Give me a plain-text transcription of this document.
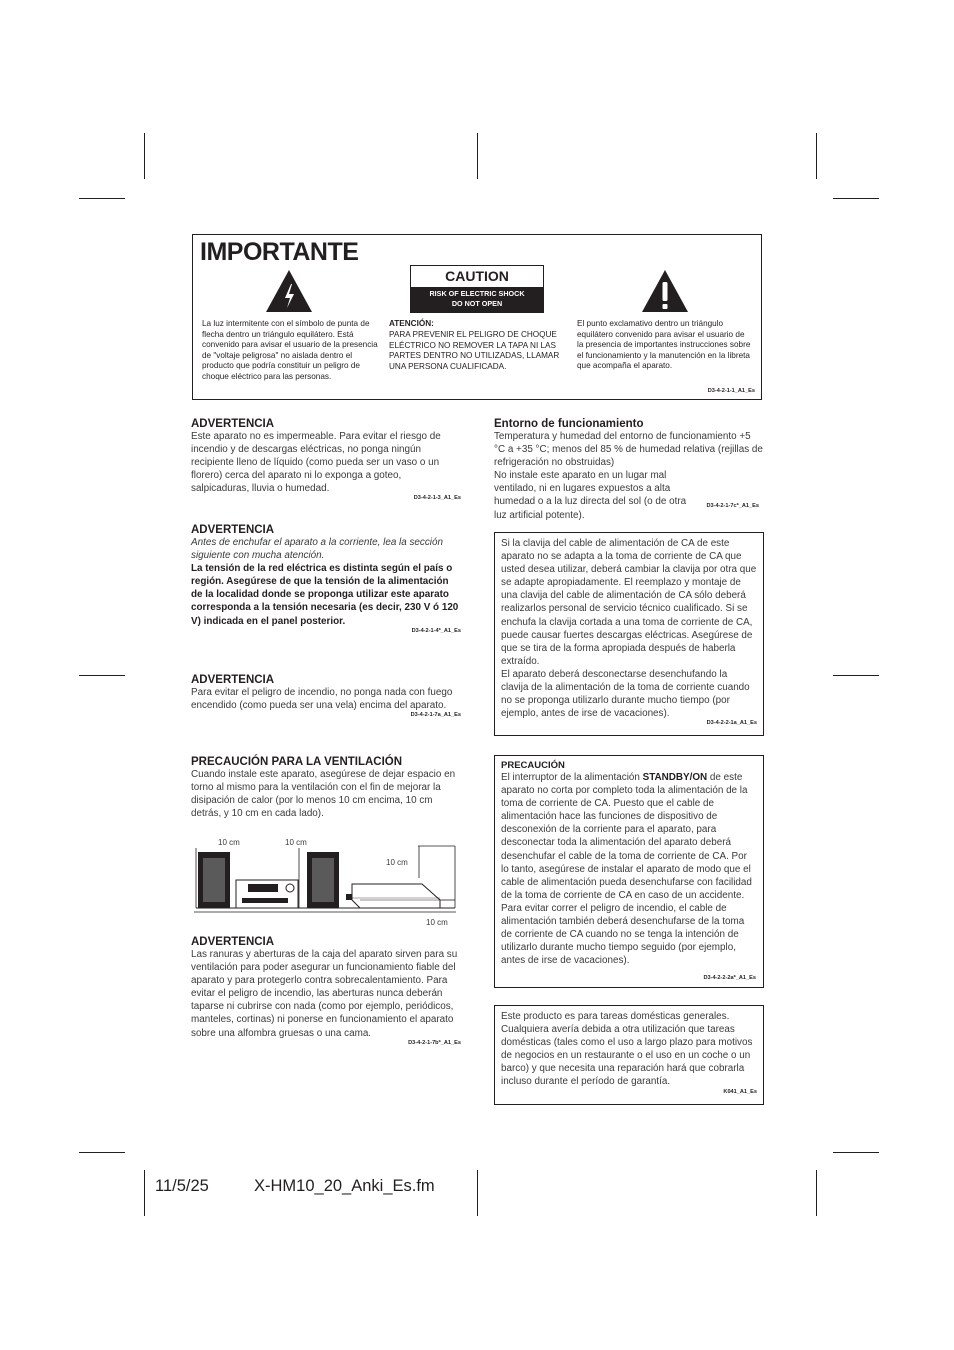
IMPORTANTE
La luz intermitente con el símbolo de punta de flecha dentro un triángulo equilátero. Está convenido para avisar el usuario de la presencia de "voltaje peligrosa" no aislada dentro el producto que podría constituir un peligro de choque eléctrico para las personas.
CAUTION
RISK OF ELECTRIC SHOCK
DO NOT OPEN
ATENCIÓN:
PARA PREVENIR EL PELIGRO DE CHOQUE ELÉCTRICO NO REMOVER LA TAPA NI LAS PARTES DENTRO NO UTILIZADAS, LLAMAR UNA PERSONA CUALIFICADA.
El punto exclamativo dentro un triángulo equilátero convenido para avisar el usuario de la presencia de importantes instrucciones sobre el funcionamiento y la manutención en la libreta que acompaña el aparato.
D3-4-2-1-1_A1_Es
ADVERTENCIA
Este aparato no es impermeable. Para evitar el riesgo de incendio y de descargas eléctricas, no ponga ningún recipiente lleno de líquido (como pueda ser un vaso o un florero) cerca del aparato ni lo exponga a goteo, salpicaduras, lluvia o humedad.
D3-4-2-1-3_A1_Es
ADVERTENCIA
Antes de enchufar el aparato a la corriente, lea la sección siguiente con mucha atención.
La tensión de la red eléctrica es distinta según el país o región. Asegúrese de que la tensión de la alimentación de la localidad donde se proponga utilizar este aparato corresponda a la tensión necesaria (es decir, 230 V ó 120 V) indicada en el panel posterior.
D3-4-2-1-4*_A1_Es
ADVERTENCIA
Para evitar el peligro de incendio, no ponga nada con fuego encendido (como pueda ser una vela) encima del aparato.
D3-4-2-1-7a_A1_Es
PRECAUCIÓN PARA LA VENTILACIÓN
Cuando instale este aparato, asegúrese de dejar espacio en torno al mismo para la ventilación con el fin de mejorar la disipación de calor (por lo menos 10 cm encima, 10 cm detrás, y 10 cm en cada lado).
10 cm	10 cm
10 cm
10 cm
ADVERTENCIA
Las ranuras y aberturas de la caja del aparato sirven para su ventilación para poder asegurar un funcionamiento fiable del aparato y para protegerlo contra sobrecalentamiento. Para evitar el peligro de incendio, las aberturas nunca deberán taparse ni cubrirse con nada (como por ejemplo, periódicos, manteles, cortinas) ni ponerse en funcionamiento el aparato sobre una alfombra gruesas o una cama.
D3-4-2-1-7b*_A1_Es
Entorno de funcionamiento
Temperatura y humedad del entorno de funcionamiento +5 °C a +35 °C; menos del 85 % de humedad relativa (rejillas de refrigeración no obstruidas)
No instale este aparato en un lugar mal ventilado, ni en lugares expuestos a alta humedad o a la luz directa del sol (o de otra luz artificial potente).
D3-4-2-1-7c*_A1_Es
Si la clavija del cable de alimentación de CA de este aparato no se adapta a la toma de corriente de CA que usted desea utilizar, deberá cambiar la clavija por otra que se adapte apropiadamente. El reemplazo y montaje de una clavija del cable de alimentación de CA sólo deberá realizarlos personal de servicio técnico cualificado. Si se enchufa la clavija cortada a una toma de corriente de CA, puede causar fuertes descargas eléctricas. Asegúrese de que se tira de la forma apropiada después de haberla extraído.
El aparato deberá desconectarse desenchufando la clavija de la alimentación de la toma de corriente cuando no se proponga utilizarlo durante mucho tiempo (por ejemplo, antes de irse de vacaciones).
D3-4-2-2-1a_A1_Es
PRECAUCIÓN
El interruptor de la alimentación STANDBY/ON de este aparato no corta por completo toda la alimentación de la toma de corriente de CA. Puesto que el cable de alimentación hace las funciones de dispositivo de desconexión de la corriente para el aparato, para desconectar toda la alimentación del aparato deberá desenchufar el cable de la toma de corriente de CA. Por lo tanto, asegúrese de instalar el aparato de modo que el cable de alimentación pueda desenchufarse con facilidad de la toma de corriente de CA en caso de un accidente. Para evitar correr el peligro de incendio, el cable de alimentación también deberá desenchufarse de la toma de corriente de CA cuando no se tenga la intención de utilizarlo durante mucho tiempo seguido (por ejemplo, antes de irse de vacaciones).
D3-4-2-2-2a*_A1_Es
Este producto es para tareas domésticas generales. Cualquiera avería debida a otra utilización que tareas domésticas (tales como el uso a largo plazo para motivos de negocios en un restaurante o el uso en un coche o un barco) y que necesita una reparación hará que cobrarla incluso durante el período de garantía.
K041_A1_Es
11/5/25	X-HM10_20_Anki_Es.fm
